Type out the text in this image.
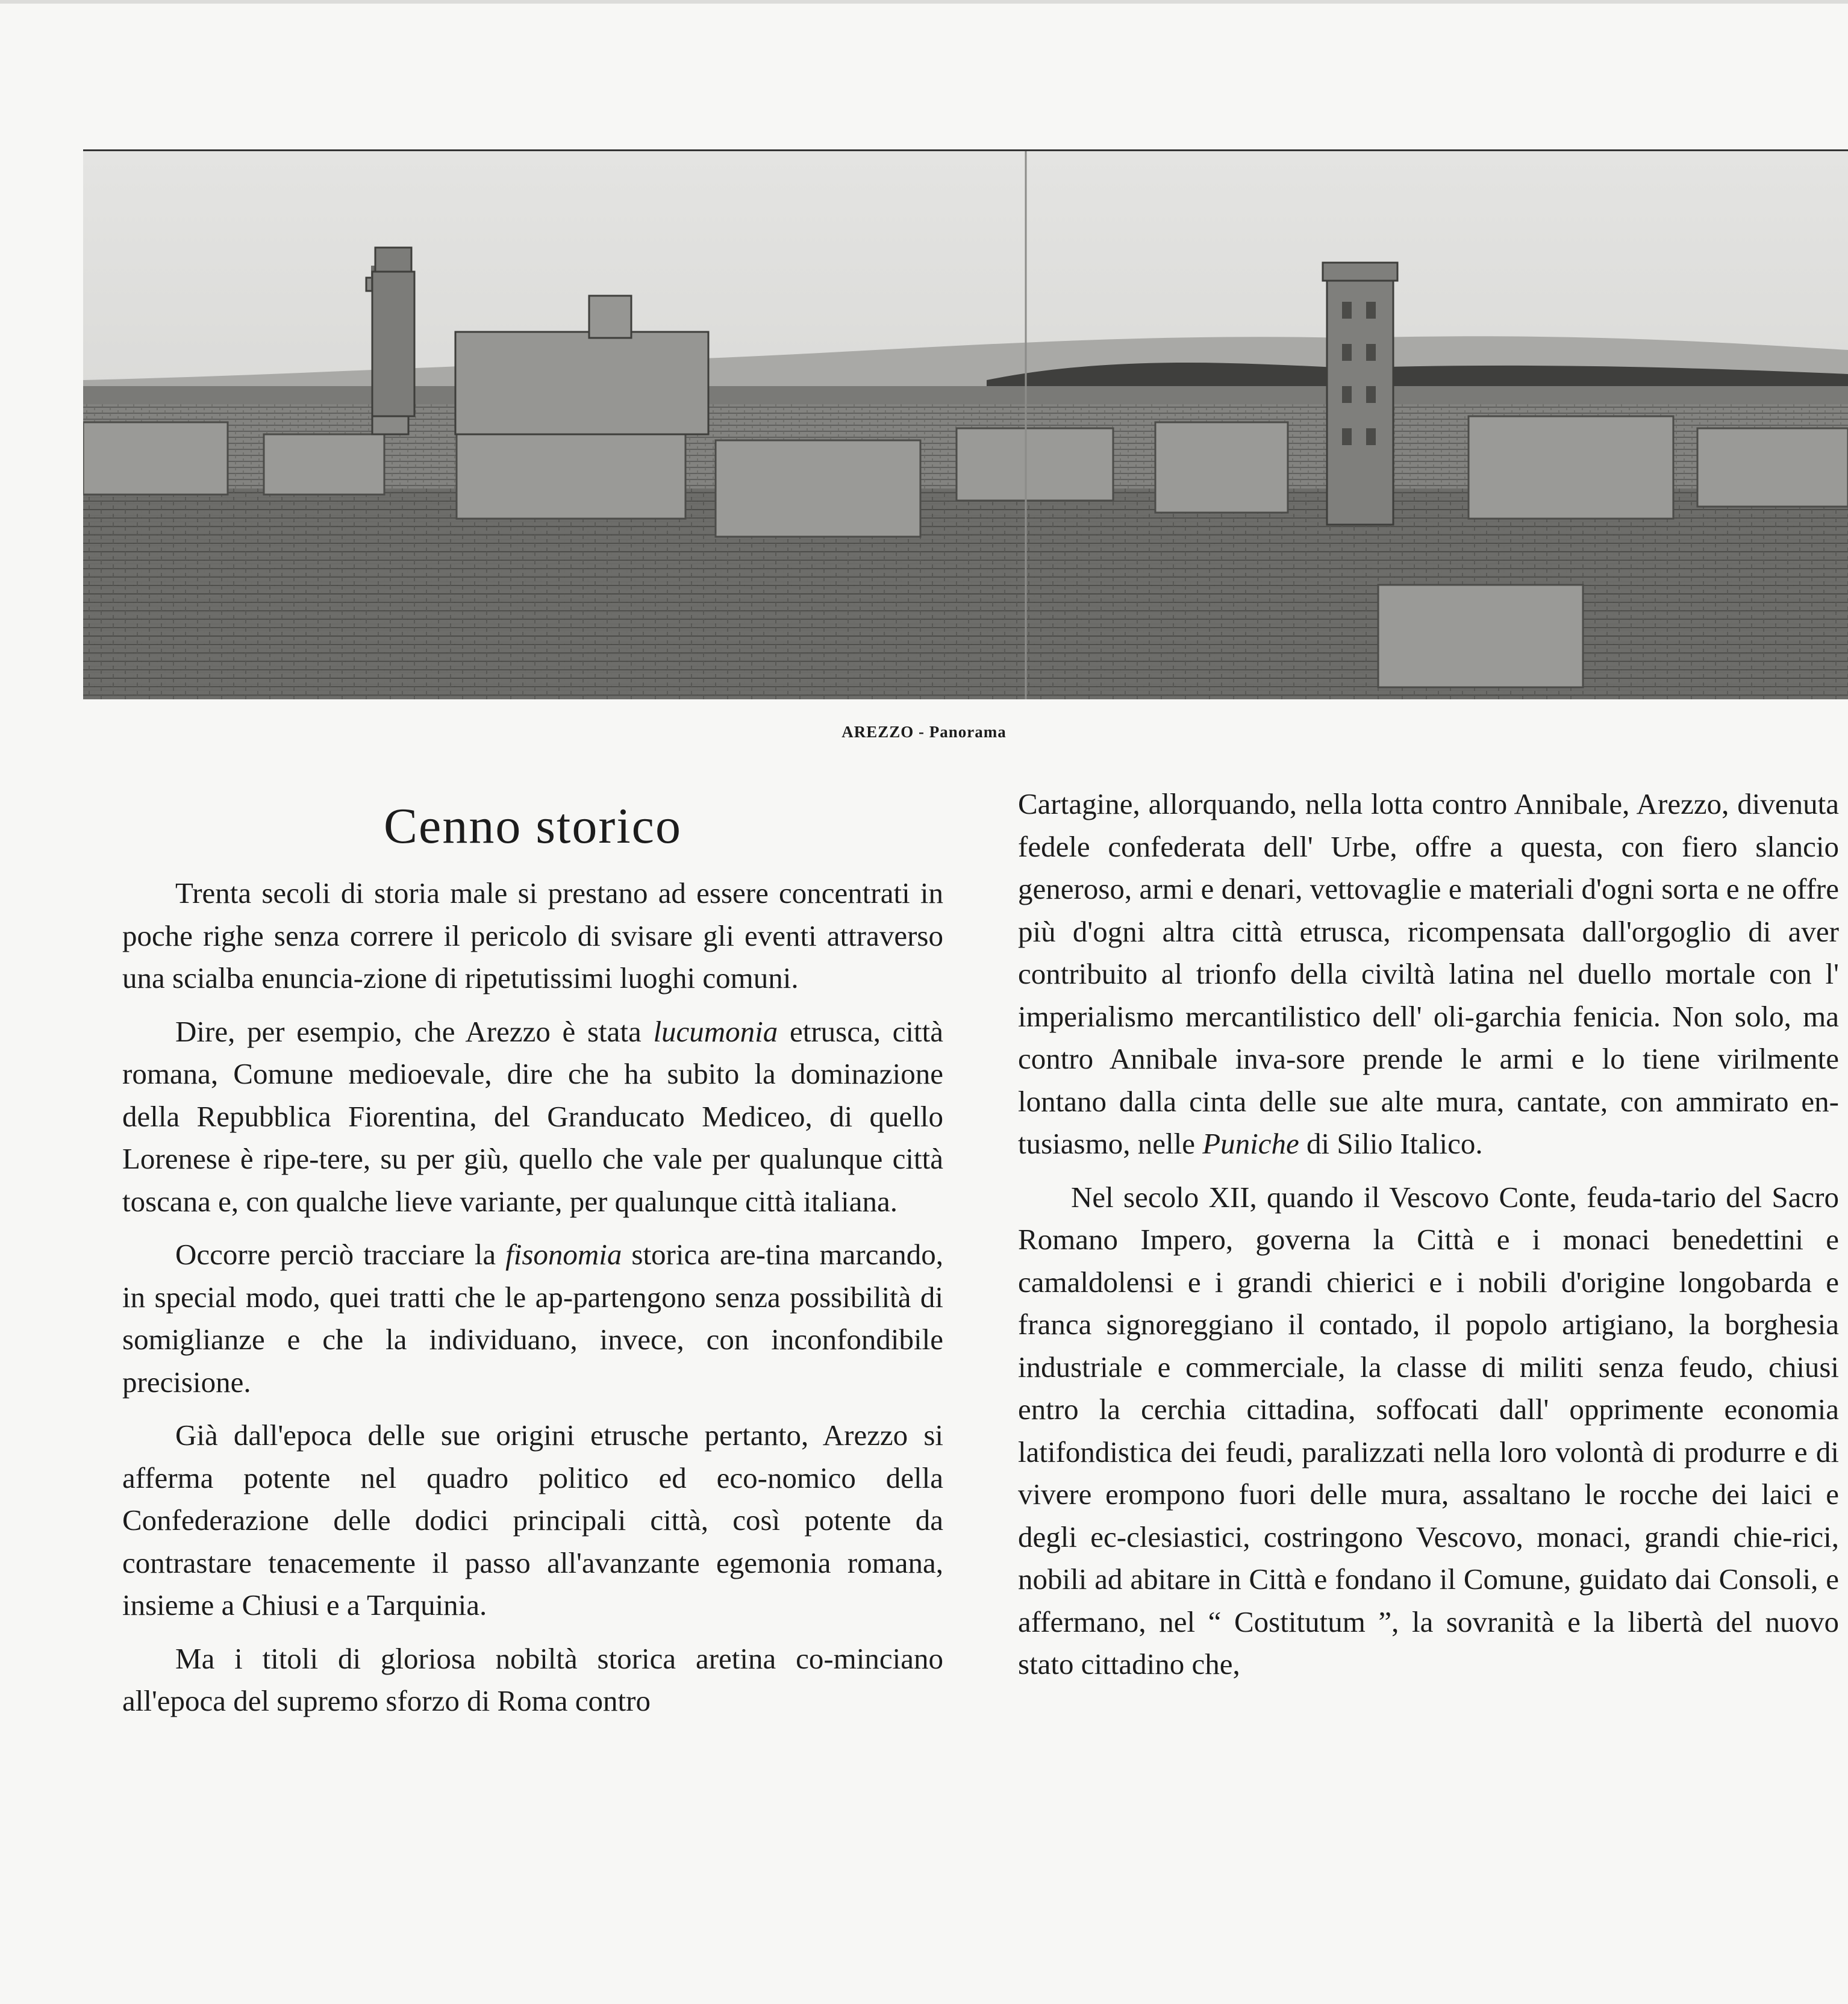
AREZZO - Panorama
Cenno storico

Trenta secoli di storia male si prestano ad essere concentrati in poche righe senza correre il pericolo di svisare gli eventi attraverso una scialba enuncia-zione di ripetutissimi luoghi comuni.

Dire, per esempio, che Arezzo è stata lucumonia etrusca, città romana, Comune medioevale, dire che ha subito la dominazione della Repubblica Fiorentina, del Granducato Mediceo, di quello Lorenese è ripe-tere, su per giù, quello che vale per qualunque città toscana e, con qualche lieve variante, per qualunque città italiana.

Occorre perciò tracciare la fisonomia storica are-tina marcando, in special modo, quei tratti che le ap-partengono senza possibilità di somiglianze e che la individuano, invece, con inconfondibile precisione.

Già dall'epoca delle sue origini etrusche pertanto, Arezzo si afferma potente nel quadro politico ed eco-nomico della Confederazione delle dodici principali città, così potente da contrastare tenacemente il passo all'avanzante egemonia romana, insieme a Chiusi e a Tarquinia.

Ma i titoli di gloriosa nobiltà storica aretina co-minciano all'epoca del supremo sforzo di Roma contro

Cartagine, allorquando, nella lotta contro Annibale, Arezzo, divenuta fedele confederata dell' Urbe, offre a questa, con fiero slancio generoso, armi e denari, vettovaglie e materiali d'ogni sorta e ne offre più d'ogni altra città etrusca, ricompensata dall'orgoglio di aver contribuito al trionfo della civiltà latina nel duello mortale con l' imperialismo mercantilistico dell' oli-garchia fenicia. Non solo, ma contro Annibale inva-sore prende le armi e lo tiene virilmente lontano dalla cinta delle sue alte mura, cantate, con ammirato en-tusiasmo, nelle Puniche di Silio Italico.

Nel secolo XII, quando il Vescovo Conte, feuda-tario del Sacro Romano Impero, governa la Città e i monaci benedettini e camaldolensi e i grandi chierici e i nobili d'origine longobarda e franca signoreggiano il contado, il popolo artigiano, la borghesia industriale e commerciale, la classe di militi senza feudo, chiusi entro la cerchia cittadina, soffocati dall' opprimente economia latifondistica dei feudi, paralizzati nella loro volontà di produrre e di vivere erompono fuori delle mura, assaltano le rocche dei laici e degli ec-clesiastici, costringono Vescovo, monaci, grandi chie-rici, nobili ad abitare in Città e fondano il Comune, guidato dai Consoli, e affermano, nel “ Costitutum ”, la sovranità e la libertà del nuovo stato cittadino che,
